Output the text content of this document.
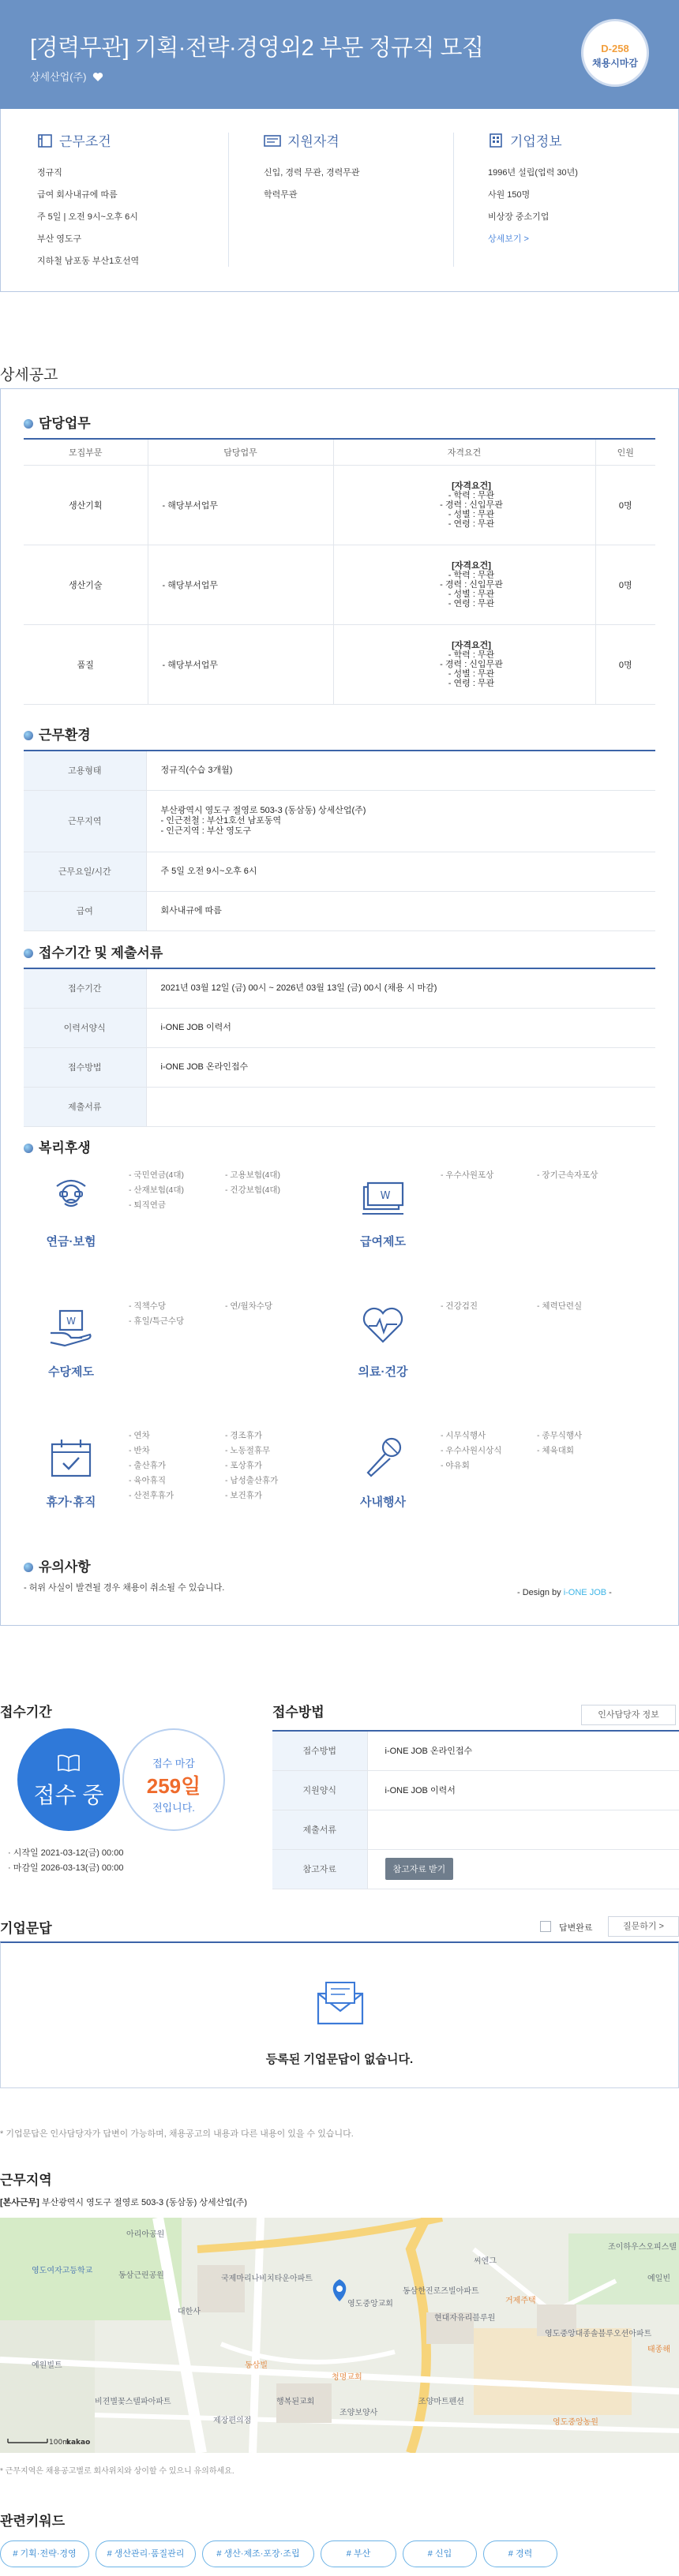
[경력무관] 기획·전략·경영외2 부문 정규직 모집
상세산업(주)
D-258
채용시마감
근무조건

정규직

급여 회사내규에 따름

주 5일 | 오전 9시~오후 6시

부산 영도구

지하철 남포동 부산1호선역

지원자격

신입, 경력 무관, 경력무관

학력무관

기업정보

1996년 설립(업력 30년)

사원 150명

비상장 중소기업

상세보기 >
상세공고
담당업무
모집부문	담당업무	자격요건	인원
생산기획	- 해당부서업무	[자격요건]
- 학력 : 무관
- 경력 : 신입무관
- 성별 : 무관
- 연령 : 무관	0명
생산기술	- 해당부서업무	[자격요건]
- 학력 : 무관
- 경력 : 신입무관
- 성별 : 무관
- 연령 : 무관	0명
품질	- 해당부서업무	[자격요건]
- 학력 : 무관
- 경력 : 신입무관
- 성별 : 무관
- 연령 : 무관	0명
근무환경
고용형태	정규직(수습 3개월)
근무지역	부산광역시 영도구 절영로 503-3 (동삼동) 상세산업(주)
- 인근전철 : 부산1호선 남포동역
- 인근지역 : 부산 영도구
근무요일/시간	주 5일 오전 9시~오후 6시
급여	회사내규에 따름
접수기간 및 제출서류
접수기간	2021년 03월 12일 (금) 00시 ~ 2026년 03월 13일 (금) 00시 (채용 시 마감)
이력서양식	i-ONE JOB 이력서
접수방법	i-ONE JOB 온라인접수
제출서류	
복리후생
연금·보험
- 국민연금(4대)
- 산재보험(4대)
- 퇴직연금
- 고용보험(4대)
- 건강보험(4대)	W
급여제도
- 우수사원포상	- 장기근속자포상
W
수당제도
- 직책수당
- 휴일/특근수당
- 연/월차수당
의료·건강
- 건강검진	- 체력단련실
휴가·휴직
- 연차
- 반차
- 출산휴가
- 육아휴직
- 산전후휴가
- 경조휴가
- 노동절휴무
- 포상휴가
- 남성출산휴가
- 보건휴가	사내행사
- 시무식행사
- 우수사원시상식
- 야유회
- 종무식행사
- 체육대회
유의사항
- 허위 사실이 발견될 경우 채용이 취소될 수 있습니다.	- Design by i-ONE JOB -
접수기간
접수 중
접수 마감
259일
전입니다.
· 시작일 2021-03-12(금) 00:00
· 마감일 2026-03-13(금) 00:00
접수방법	인사담당자 정보
접수방법	i-ONE JOB 온라인접수
지원양식	i-ONE JOB 이력서
제출서류	
참고자료	참고자료 받기
기업문답	답변완료	질문하기 >
등록된 기업문답이 없습니다.
* 기업문답은 인사담당자가 답변이 가능하며, 채용공고의 내용과 다른 내용이 있을 수 있습니다.
근무지역
[본사근무] 부산광역시 영도구 절영로 503-3 (동삼동) 상세산업(주)
아리아공원
영도여자고등학교
동삼근린공원	국제마리나비치타운아파트
대한사
동삼한진로즈빌아파트
씨엔그
조이하우스오피스텔
예일빈
영도중앙교회
현대자유리블루원
거제주택
영도중앙대종솔블루오션아파트
태종해
예원빌트	동삼빌
비젼별꽃스텔파아파트	행복된교회
청명교회
조양보양사
조양마트펜션
영도중앙농원
제장편의점
100m
kakao
* 근무지역은 채용공고별로 회사위치와 상이할 수 있으니 유의하세요.
관련키워드
# 기획·전략·경영	# 생산관리·품질관리	# 생산·제조·포장·조립	# 부산	# 신입	# 경력
